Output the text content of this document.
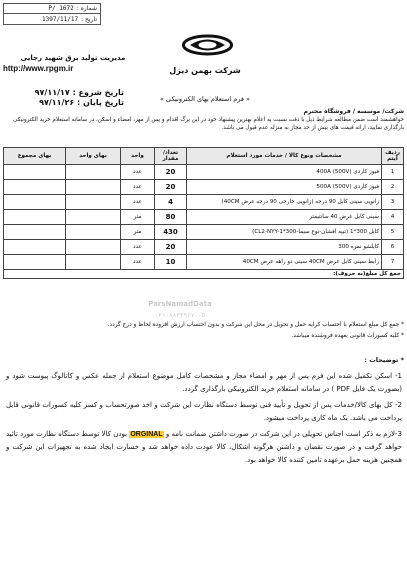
شماره :
P/ 1672
تاریخ :
1397/11/17
شرکت بهمن دیزل
مدیریت تولید برق شهید رجایی
http://www.rpgm.ir
تاریخ شروع : ۹۷/۱۱/۱۷
تاریخ پایان : ۹۷/۱۱/۲۶	« فرم استعلام بهای الکترونیکی »
شرکت/ موسسه / فروشگاه محترم
خواهشمند است ضمن مطالعه شرایط ذیل با دقت نسبت به اعلام بهترین پیشنهاد خود در این برگ اقدام و پس از مهر، امضاء و اسکن، در سامانه استعلام خرید الکترونیکی بارگذاری نمایید، ارائه قیمت های بیش از حد مجاز به منزله عدم قبول می باشد.
ردیف آیتم	مشخصات ونوع کالا / خدمات مورد استعلام	تعداد/ مقدار	واحد	بهای واحد	بهای مجموع
1	فیوز کاردی 400A (500V)	20	عدد		
2	فیوز کاردی 500A (500V)	20	عدد		
3	زانویی سینی کابل 90 درجه (زانویی خارجی 90 درجه عرض 40CM)	4	عدد		
4	سینی کابل عرض 40 سانتیمتر	80	متر		
5	کابل 300*1 (تیپه افشان-نوع سیما-CL2-NYY-1*300)	430	متر		
6	کابلشو نمره 300	20	عدد		
7	رابط سینی کابل عرض 40CM سینی دو راهه عرض 40CM	10	عدد		
جمع کل مبلغ(به حروف):					
ParsNamadData
۰۲۱-۸۸۳۴۹۶۷۰-۵

* جمع کل مبلغ استعلام با احتساب کرایه حمل و تحویل در محل این شرکت و بدون احتساب ارزش افزوده لحاظ و درج گردد.

* کلیه کسورات قانونی بعهده فروشنده میباشد.

* توضیحات :

1- اسکن تکمیل شده این فرم پس از مهر و امضاء مجاز و مشخصات کامل موضوع استعلام از جمله عکس و کاتالوگ پیوست شود و (بصورت یک فایل PDF ) در سامانه استعلام خرید الکترونیکی بارگذاری گردد.

2- کل بهای کالا/خدمات پس از تحویل و تأیید فنی توسط دستگاه نظارت این شرکت و اخذ صورتحساب و کسر کلیه کسورات قانونی قابل پرداخت می باشد. یک ماه کاری پرداخت میشود.

3-لازم به ذکر است اجناس تحویلی در این شرکت در صورت داشتن ضمانت نامه و ORGINAL بودن کالا توسط دستگاه نظارت مورد تائید خواهد گرفت و در صورت نقصان و داشتن هرگونه اشکال، کالا عودت داده خواهد شد و خسارت ایجاد شده به تجهیزات این شرکت و همچنین هزینه حمل برعهده تامین کننده کالا خواهد بود.
